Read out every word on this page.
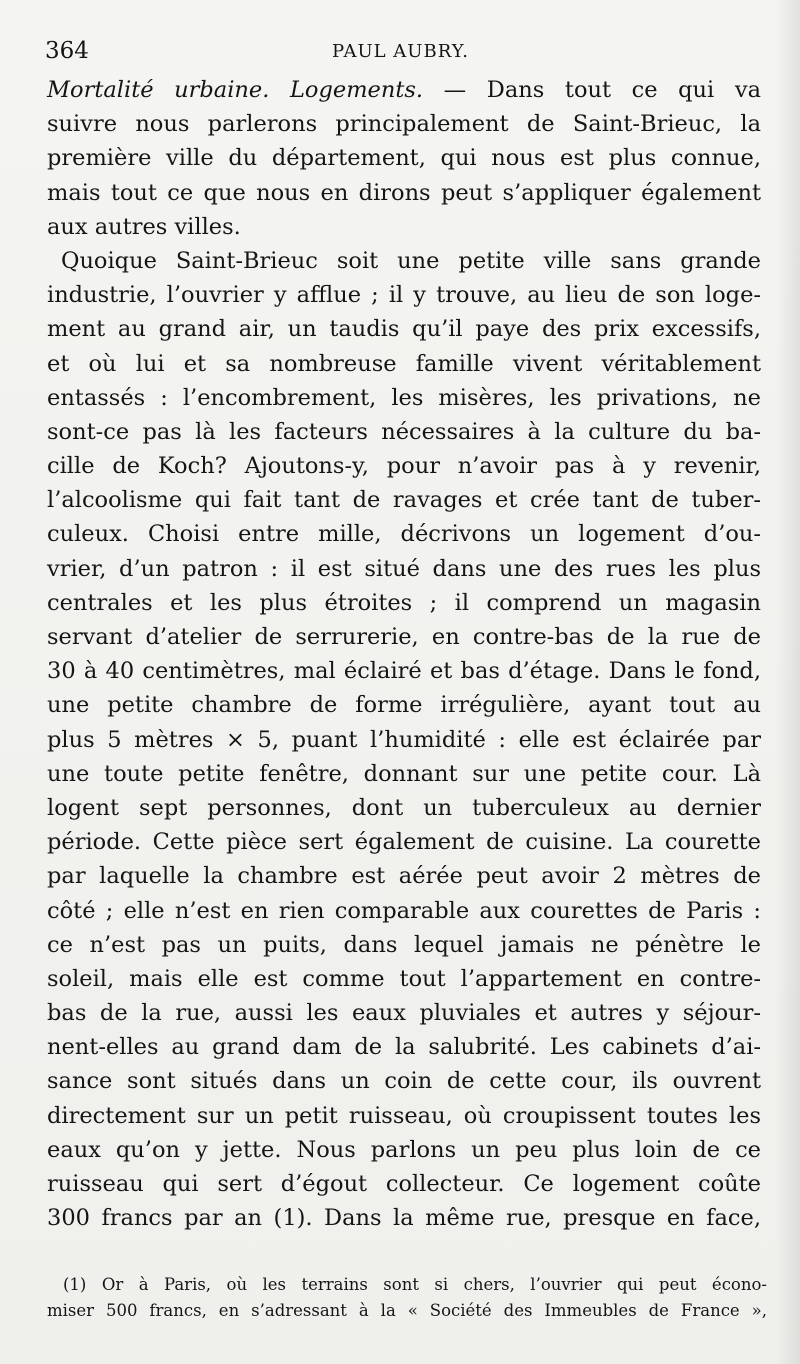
364	PAUL AUBRY.
Mortalité urbaine. Logements. — Dans tout ce qui va
suivre nous parlerons principalement de Saint-Brieuc, la
première ville du département, qui nous est plus connue,
mais tout ce que nous en dirons peut s’appliquer également
aux autres villes.
Quoique Saint-Brieuc soit une petite ville sans grande
industrie, l’ouvrier y afflue ; il y trouve, au lieu de son loge-
ment au grand air, un taudis qu’il paye des prix excessifs,
et où lui et sa nombreuse famille vivent véritablement
entassés : l’encombrement, les misères, les privations, ne
sont-ce pas là les facteurs nécessaires à la culture du ba-
cille de Koch? Ajoutons-y, pour n’avoir pas à y revenir,
l’alcoolisme qui fait tant de ravages et crée tant de tuber-
culeux. Choisi entre mille, décrivons un logement d’ou-
vrier, d’un patron : il est situé dans une des rues les plus
centrales et les plus étroites ; il comprend un magasin
servant d’atelier de serrurerie, en contre-bas de la rue de
30 à 40 centimètres, mal éclairé et bas d’étage. Dans le fond,
une petite chambre de forme irrégulière, ayant tout au
plus 5 mètres × 5, puant l’humidité : elle est éclairée par
une toute petite fenêtre, donnant sur une petite cour. Là
logent sept personnes, dont un tuberculeux au dernier
période. Cette pièce sert également de cuisine. La courette
par laquelle la chambre est aérée peut avoir 2 mètres de
côté ; elle n’est en rien comparable aux courettes de Paris :
ce n’est pas un puits, dans lequel jamais ne pénètre le
soleil, mais elle est comme tout l’appartement en contre-
bas de la rue, aussi les eaux pluviales et autres y séjour-
nent-elles au grand dam de la salubrité. Les cabinets d’ai-
sance sont situés dans un coin de cette cour, ils ouvrent
directement sur un petit ruisseau, où croupissent toutes les
eaux qu’on y jette. Nous parlons un peu plus loin de ce
ruisseau qui sert d’égout collecteur. Ce logement coûte
300 francs par an (1). Dans la même rue, presque en face,
(1) Or à Paris, où les terrains sont si chers, l’ouvrier qui peut écono-
miser 500 francs, en s’adressant à la « Société des Immeubles de France »,
